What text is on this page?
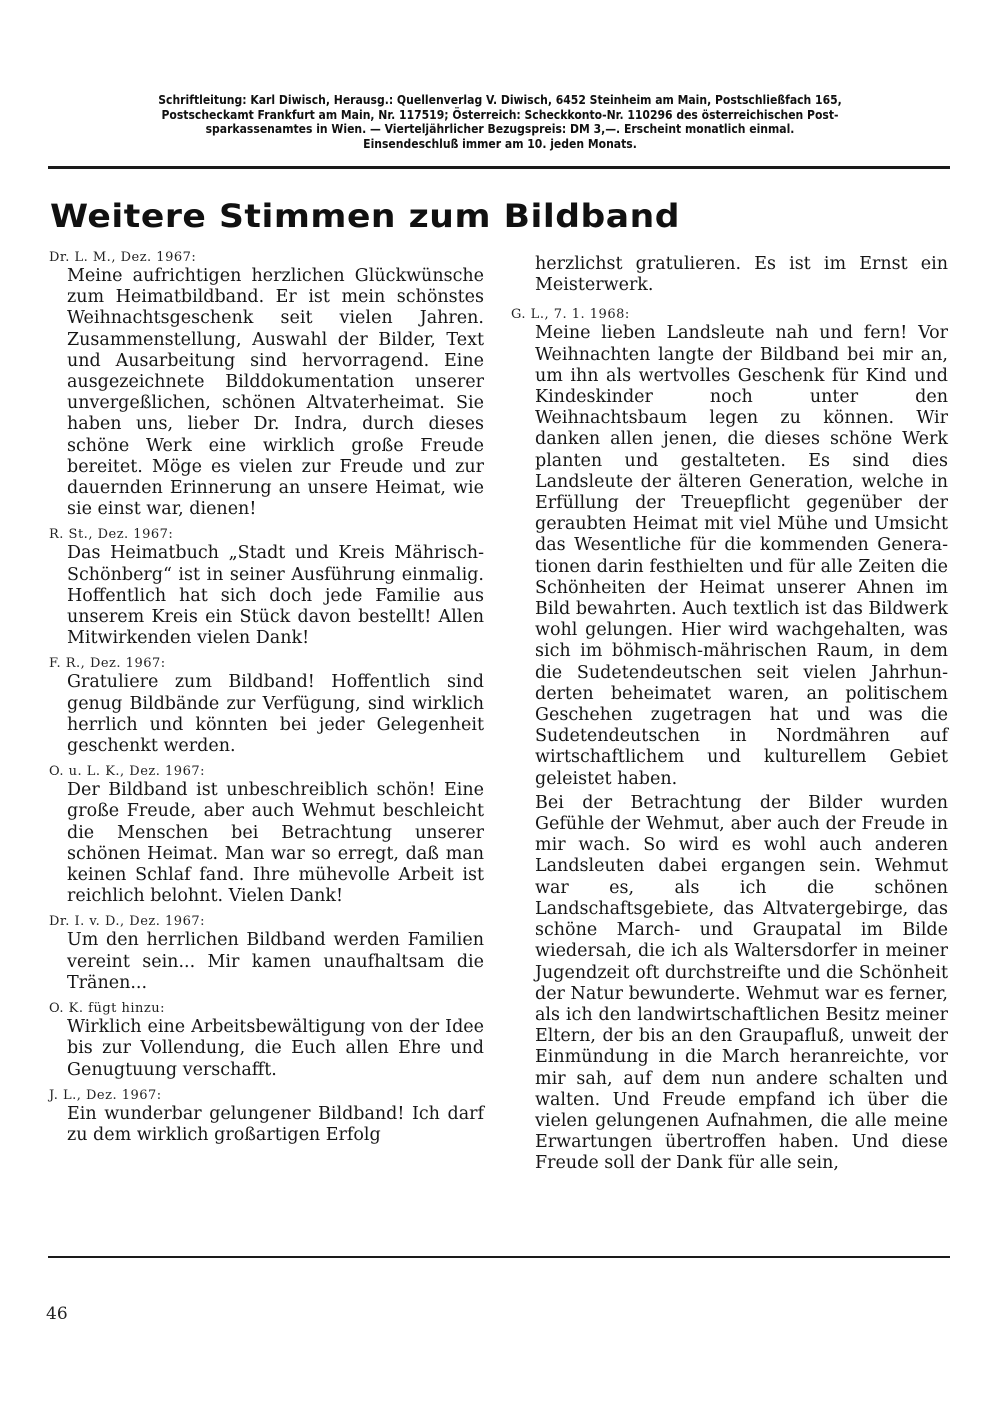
Schriftleitung: Karl Diwisch, Herausg.: Quellenverlag V. Diwisch, 6452 Steinheim am Main, Postschließfach 165,
Postscheckamt Frankfurt am Main, Nr. 117519; Österreich: Scheckkonto-Nr. 110296 des österreichischen Post-
sparkassenamtes in Wien. — Vierteljährlicher Bezugspreis: DM 3,—. Erscheint monatlich einmal.
Einsendeschluß immer am 10. jeden Monats.
Weitere Stimmen zum Bildband
Dr. L. M., Dez. 1967:

Meine aufrichtigen herzlichen Glückwünsche zum Heimatbildband. Er ist mein schönstes Weihnachtsgeschenk seit vielen Jahren. Zusammenstellung, Auswahl der Bilder, Text und Ausarbeitung sind hervorragend. Eine ausgezeichnete Bilddokumentation unserer unvergeßlichen, schönen Altvaterheimat. Sie haben uns, lieber Dr. Indra, durch dieses schöne Werk eine wirklich große Freude bereitet. Möge es vielen zur Freude und zur dauernden Erinnerung an unsere Heimat, wie sie einst war, dienen!

R. St., Dez. 1967:

Das Heimatbuch „Stadt und Kreis Mährisch-Schönberg“ ist in seiner Ausführung einmalig. Hoffentlich hat sich doch jede Familie aus unserem Kreis ein Stück davon bestellt! Allen Mitwirkenden vielen Dank!

F. R., Dez. 1967:

Gratuliere zum Bildband! Hoffentlich sind genug Bildbände zur Verfügung, sind wirklich herrlich und könnten bei jeder Gelegenheit geschenkt werden.

O. u. L. K., Dez. 1967:

Der Bildband ist unbeschreiblich schön! Eine große Freude, aber auch Wehmut beschleicht die Menschen bei Betrachtung unserer schönen Heimat. Man war so erregt, daß man keinen Schlaf fand. Ihre mühevolle Arbeit ist reichlich belohnt. Vielen Dank!

Dr. I. v. D., Dez. 1967:

Um den herrlichen Bildband werden Familien vereint sein... Mir kamen unaufhaltsam die Tränen...

O. K. fügt hinzu:

Wirklich eine Arbeitsbewältigung von der Idee bis zur Vollendung, die Euch allen Ehre und Genugtuung verschafft.

J. L., Dez. 1967:

Ein wunderbar gelungener Bildband! Ich darf zu dem wirklich großartigen Erfolg

herzlichst gratulieren. Es ist im Ernst ein Meisterwerk.

G. L., 7. 1. 1968:

Meine lieben Landsleute nah und fern! Vor Weihnachten langte der Bildband bei mir an, um ihn als wertvolles Geschenk für Kind und Kindeskinder noch unter den Weihnachtsbaum legen zu können. Wir danken allen jenen, die dieses schöne Werk planten und gestalteten. Es sind dies Landsleute der älteren Generation, welche in Erfüllung der Treuepflicht gegenüber der geraubten Heimat mit viel Mühe und Umsicht das Wesentliche für die kommenden Generationen darin festhielten und für alle Zeiten die Schönheiten der Heimat unserer Ahnen im Bild bewahrten. Auch textlich ist das Bildwerk wohl gelungen. Hier wird wachgehalten, was sich im böhmisch-mährischen Raum, in dem die Sudetendeutschen seit vielen Jahrhunderten beheimatet waren, an politischem Geschehen zugetragen hat und was die Sudetendeutschen in Nordmähren auf wirtschaftlichem und kulturellem Gebiet geleistet haben.

Bei der Betrachtung der Bilder wurden Gefühle der Wehmut, aber auch der Freude in mir wach. So wird es wohl auch anderen Landsleuten dabei ergangen sein. Wehmut war es, als ich die schönen Landschaftsgebiete, das Altvatergebirge, das schöne March- und Graupatal im Bilde wiedersah, die ich als Waltersdorfer in meiner Jugendzeit oft durchstreifte und die Schönheit der Natur bewunderte. Wehmut war es ferner, als ich den landwirtschaftlichen Besitz meiner Eltern, der bis an den Graupafluß, unweit der Einmündung in die March heranreichte, vor mir sah, auf dem nun andere schalten und walten. Und Freude empfand ich über die vielen gelungenen Aufnahmen, die alle meine Erwartungen übertroffen haben. Und diese Freude soll der Dank für alle sein,

46
